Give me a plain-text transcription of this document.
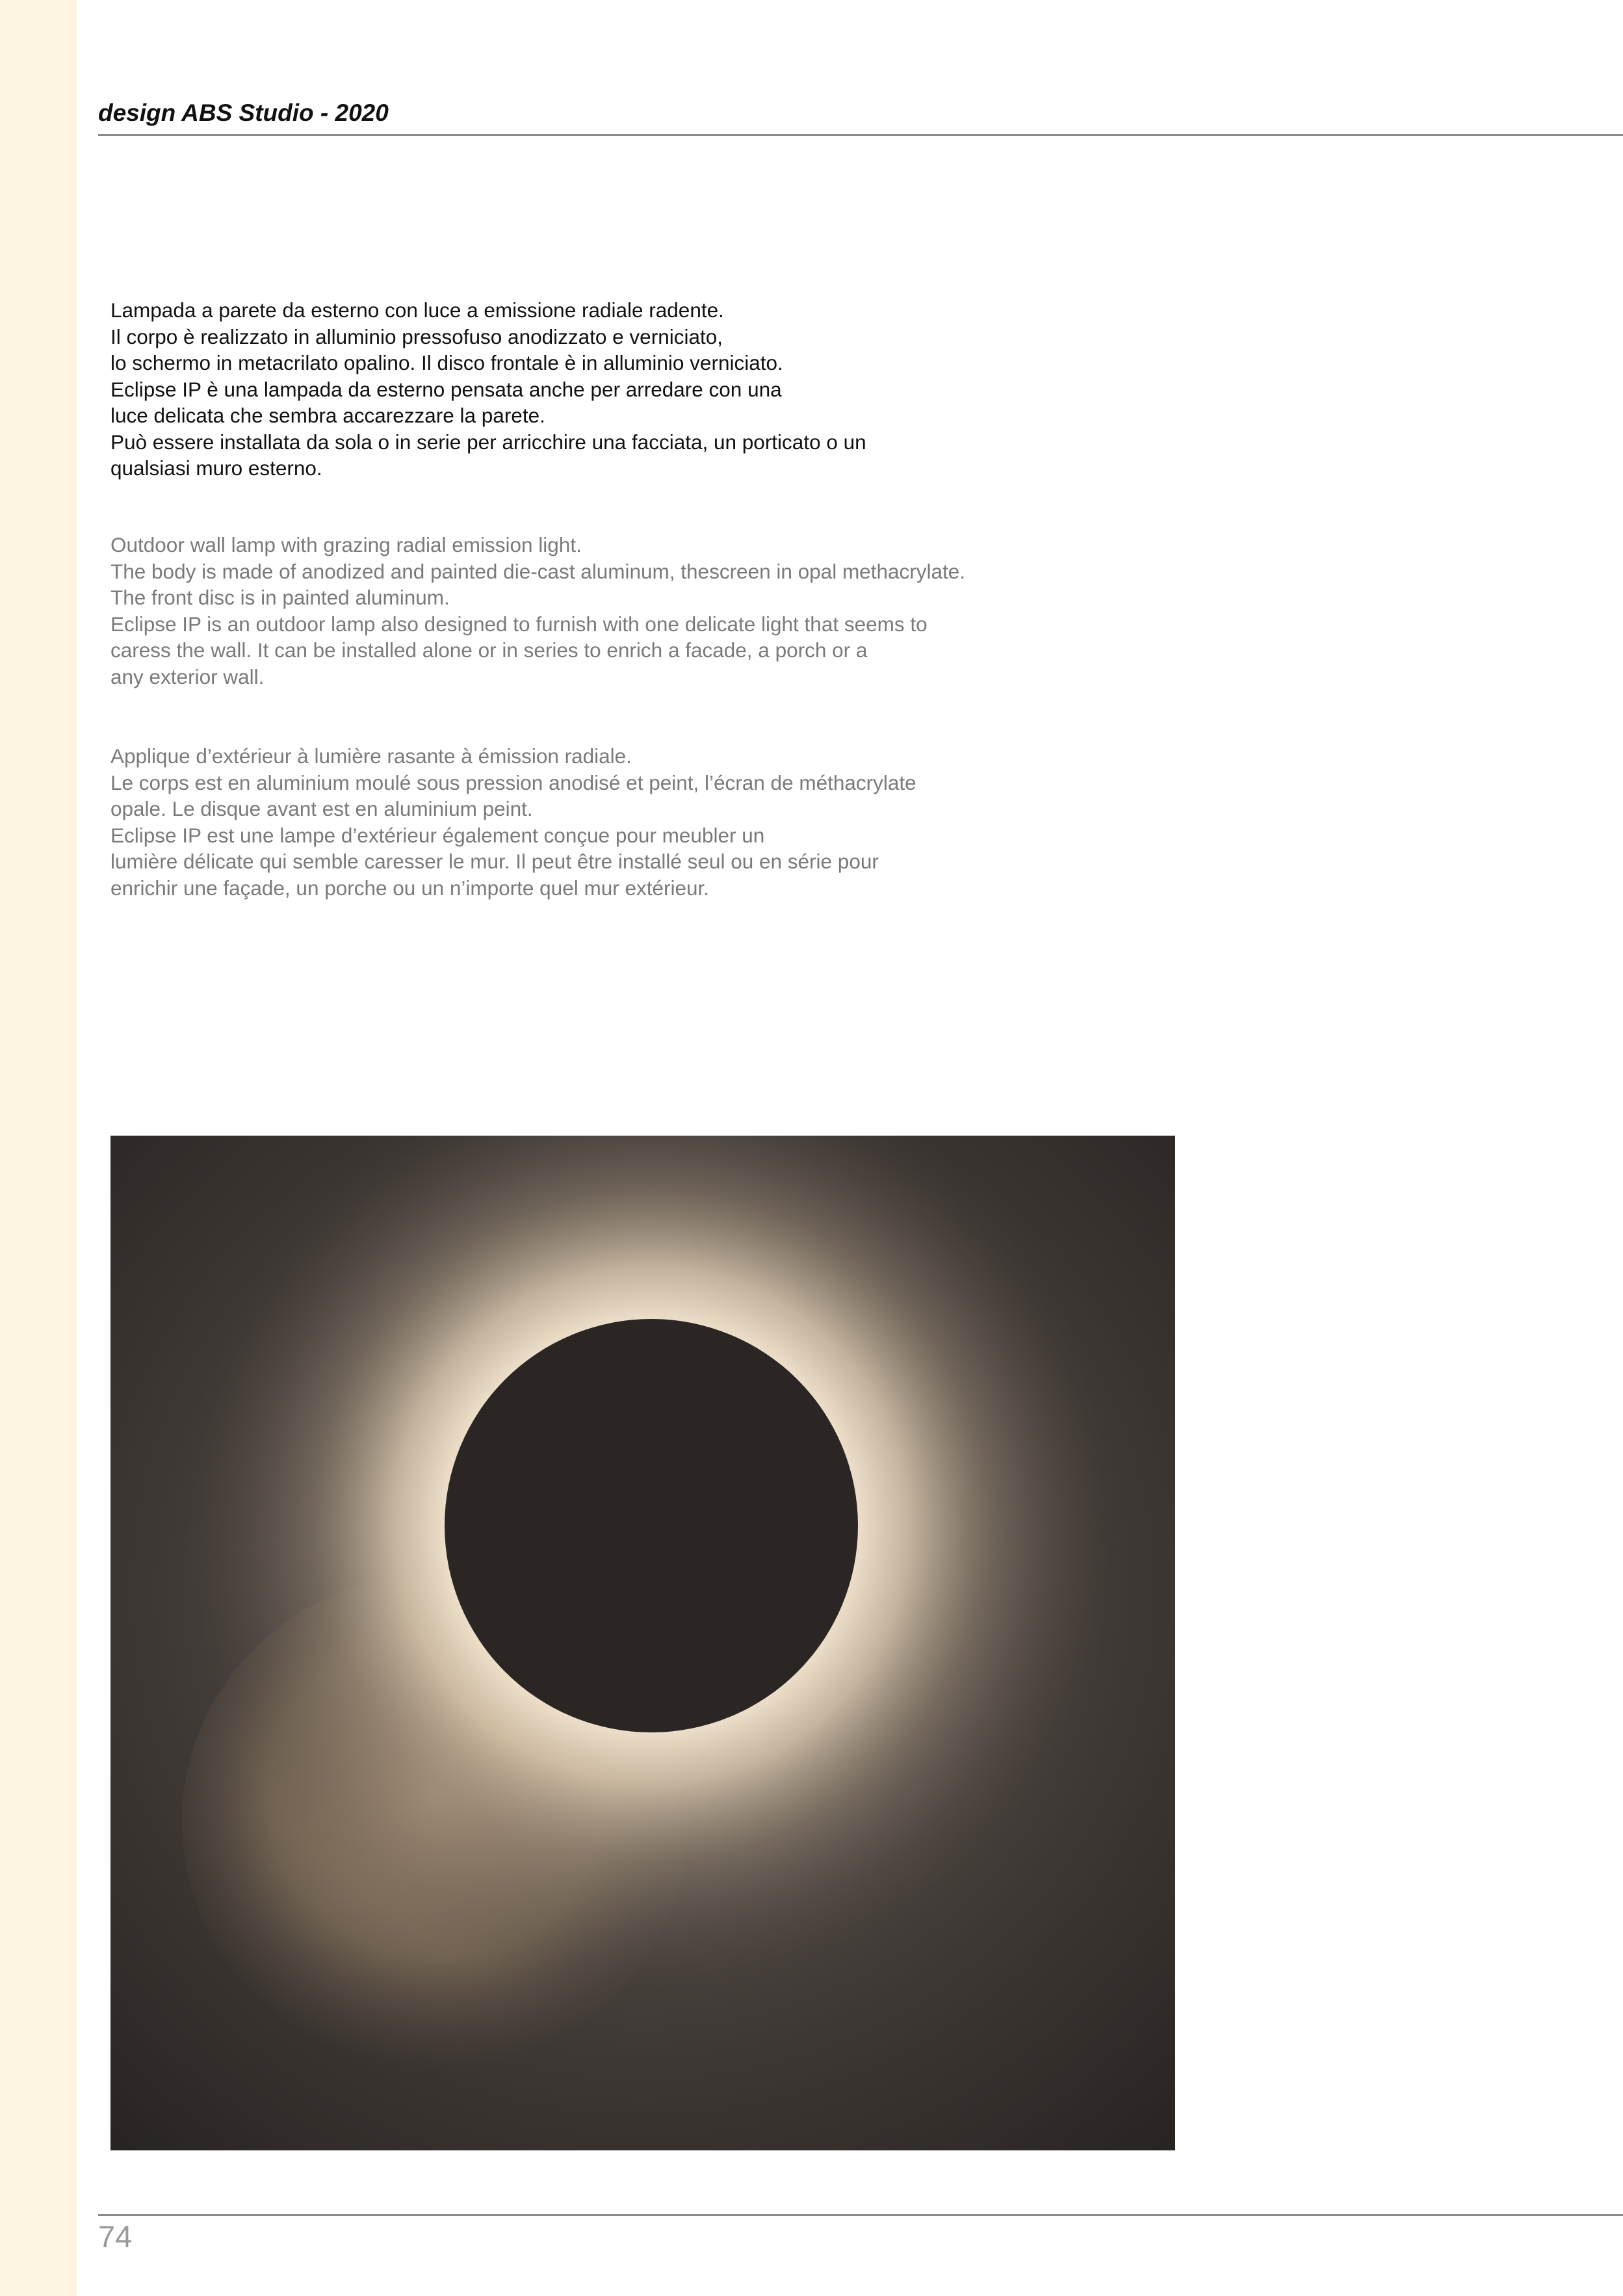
design ABS Studio - 2020
Lampada a parete da esterno con luce a emissione radiale radente.
Il corpo è realizzato in alluminio pressofuso anodizzato e verniciato,
lo schermo in metacrilato opalino. Il disco frontale è in alluminio verniciato.
Eclipse IP è una lampada da esterno pensata anche per arredare con una
luce delicata che sembra accarezzare la parete.
Può essere installata da sola o in serie per arricchire una facciata, un porticato o un
qualsiasi muro esterno.
Outdoor wall lamp with grazing radial emission light.
The body is made of anodized and painted die-cast aluminum, thescreen in opal methacrylate.
The front disc is in painted aluminum.
Eclipse IP is an outdoor lamp also designed to furnish with one delicate light that seems to
caress the wall. It can be installed alone or in series to enrich a facade, a porch or a
any exterior wall.
Applique d’extérieur à lumière rasante à émission radiale.
Le corps est en aluminium moulé sous pression anodisé et peint, l’écran de méthacrylate
opale. Le disque avant est en aluminium peint.
Eclipse IP est une lampe d’extérieur également conçue pour meubler un
lumière délicate qui semble caresser le mur. Il peut être installé seul ou en série pour
enrichir une façade, un porche ou un n’importe quel mur extérieur.

74
